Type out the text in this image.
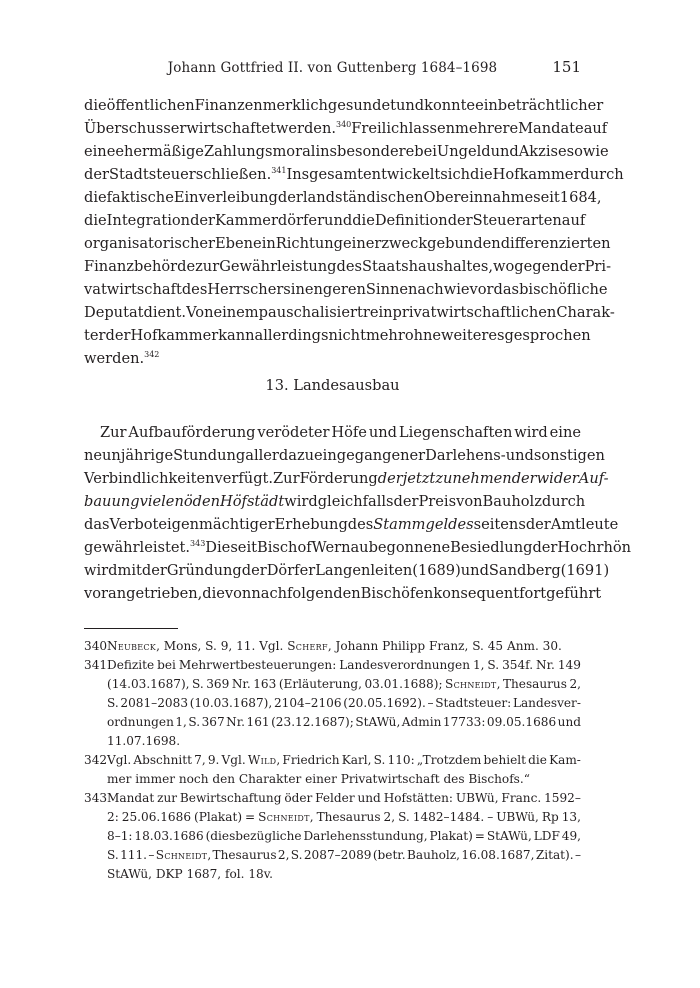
Johann Gottfried II. von Guttenberg 1684–1698	151
die öffentlichen Finanzen merklich gesundet und konnte ein beträchtlicher
Überschuss erwirtschaftet werden.$^{340}$ Freilich lassen mehrere Mandate auf
eine eher mäßige Zahlungsmoral insbesondere bei Ungeld und Akzise sowie
der Stadtsteuer schließen.$^{341}$ Insgesamt entwickelt sich die Hofkammer durch
die faktische Einverleibung der landständischen Obereinnahme seit 1684,
die Integration der Kammerdörfer und die Definition der Steuerarten auf
organisatorischer Ebene in Richtung einer zweckgebunden differenzierten
Finanzbehörde zur Gewährleistung des Staatshaushaltes, wogegen der Pri-
vatwirtschaft des Herrschers in engeren Sinne nach wie vor das bischöfliche
Deputat dient. Von einem pauschalisiert rein privatwirtschaftlichen Charak-
ter der Hofkammer kann allerdings nicht mehr ohne weiteres gesprochen
werden.$^{342}$
13. Landesausbau
Zur Aufbauförderung verödeter Höfe und Liegenschaften wird eine
neunjährige Stundung aller dazu eingegangener Darlehens- und sonstigen
Verbindlichkeiten verfügt. Zur Förderung der jetzt zunehmender wider Auf-
bauung vielen öden Höfstädt wird gleichfalls der Preis von Bauholz durch
das Verbot eigenmächtiger Erhebung des Stammgeldes seitens der Amtleute
gewährleistet.$^{343}$ Die seit Bischof Wernau begonnene Besiedlung der Hochrhön
wird mit der Gründung der Dörfer Langenleiten (1689) und Sandberg (1691)
vorangetrieben, die von nachfolgenden Bischöfen konsequent fortgeführt
340 Neubeck, Mons, S. 9, 11. Vgl. Scherf, Johann Philipp Franz, S. 45 Anm. 30.
341 Defizite bei Mehrwertbesteuerungen: Landesverordnungen 1, S. 354f. Nr. 149
(14.03.1687), S. 369 Nr. 163 (Erläuterung, 03.01.1688); Schneidt, Thesaurus 2,
S. 2081–2083 (10.03.1687), 2104–2106 (20.05.1692). – Stadtsteuer: Landesver-
ordnungen 1, S. 367 Nr. 161 (23.12.1687); StAWü, Admin 17733: 09.05.1686 und
11.07.1698.
342 Vgl. Abschnitt 7, 9. Vgl. Wild, Friedrich Karl, S. 110: „Trotzdem behielt die Kam-
mer immer noch den Charakter einer Privatwirtschaft des Bischofs.“
343 Mandat zur Bewirtschaftung öder Felder und Hofstätten: UBWü, Franc. 1592–
2: 25.06.1686 (Plakat) = Schneidt, Thesaurus 2, S. 1482–1484. – UBWü, Rp 13,
8–1: 18.03.1686 (diesbezügliche Darlehensstundung, Plakat) = StAWü, LDF 49,
S. 111. – Schneidt, Thesaurus 2, S. 2087–2089 (betr. Bauholz, 16.08.1687, Zitat). –
StAWü, DKP 1687, fol. 18v.
